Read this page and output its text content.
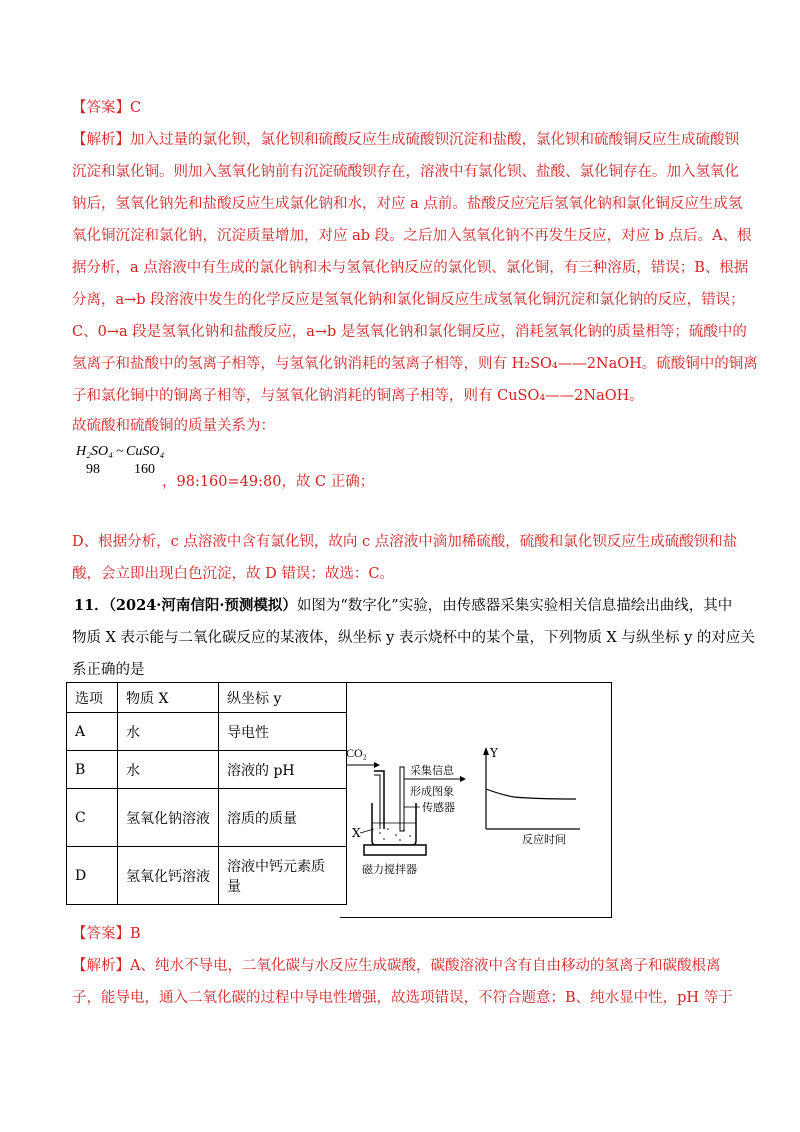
【答案】C
【解析】加入过量的氯化钡，氯化钡和硫酸反应生成硫酸钡沉淀和盐酸，氯化钡和硫酸铜反应生成硫酸钡
沉淀和氯化铜。则加入氢氧化钠前有沉淀硫酸钡存在，溶液中有氯化钡、盐酸、氯化铜存在。加入氢氧化
钠后，氢氧化钠先和盐酸反应生成氯化钠和水，对应 a 点前。盐酸反应完后氢氧化钠和氯化铜反应生成氢
氧化铜沉淀和氯化钠，沉淀质量增加，对应 ab 段。之后加入氢氧化钠不再发生反应，对应 b 点后。A、根
据分析，a 点溶液中有生成的氯化钠和未与氢氧化钠反应的氯化钡、氯化铜，有三种溶质，错误；B、根据
分离，a→b 段溶液中发生的化学反应是氢氧化钠和氯化铜反应生成氢氧化铜沉淀和氯化钠的反应，错误；
C、0→a 段是氢氧化钠和盐酸反应，a→b 是氢氧化钠和氯化铜反应，消耗氢氧化钠的质量相等；硫酸中的
氢离子和盐酸中的氢离子相等，与氢氧化钠消耗的氢离子相等，则有 H₂SO₄——2NaOH。硫酸铜中的铜离
子和氯化铜中的铜离子相等，与氢氧化钠消耗的铜离子相等，则有 CuSO₄——2NaOH。
故硫酸和硫酸铜的质量关系为：
H₂SO₄ ~ CuSO₄
98 160
，98:160=49:80，故 C 正确；
D、根据分析，c 点溶液中含有氯化钡，故向 c 点溶液中滴加稀硫酸，硫酸和氯化钡反应生成硫酸钡和盐
酸，会立即出现白色沉淀，故 D 错误；故选：C。
11．（2024·河南信阳·预测模拟）如图为“数字化”实验，由传感器采集实验相关信息描绘出曲线，其中
物质 X 表示能与二氧化碳反应的某液体，纵坐标 y 表示烧杯中的某个量，下列物质 X 与纵坐标 y 的对应关
系正确的是
选项	物质 X	纵坐标 y
A	水	导电性
B	水	溶液的 pH
C	氢氧化钠溶液	溶质的质量
D	氢氧化钙溶液	溶液中钙元素质量
CO₂
采集信息
形成图象
磁力搅拌器
X
传感器
Y
反应时间
【答案】B
【解析】A、纯水不导电，二氧化碳与水反应生成碳酸，碳酸溶液中含有自由移动的氢离子和碳酸根离
子，能导电，通入二氧化碳的过程中导电性增强，故选项错误，不符合题意；B、纯水显中性，pH 等于
